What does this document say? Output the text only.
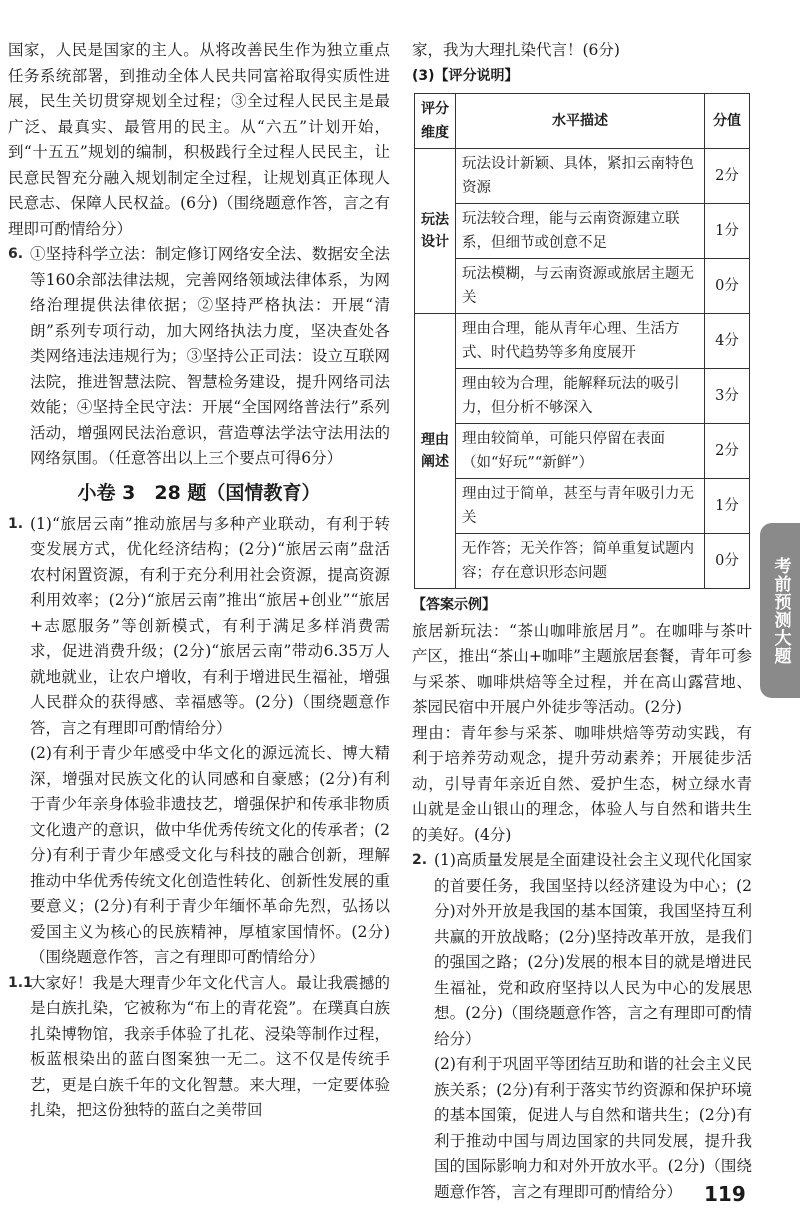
国家，人民是国家的主人。从将改善民生作为独立重点任务系统部署，到推动全体人民共同富裕取得实质性进展，民生关切贯穿规划全过程；③全过程人民民主是最广泛、最真实、最管用的民主。从“六五”计划开始，到“十五五”规划的编制，积极践行全过程人民民主，让民意民智充分融入规划制定全过程，让规划真正体现人民意志、保障人民权益。(6分)（围绕题意作答，言之有理即可酌情给分）

6. ①坚持科学立法：制定修订网络安全法、数据安全法等160余部法律法规，完善网络领域法律体系，为网络治理提供法律依据；②坚持严格执法：开展“清朗”系列专项行动，加大网络执法力度，坚决查处各类网络违法违规行为；③坚持公正司法：设立互联网法院，推进智慧法院、智慧检务建设，提升网络司法效能；④坚持全民守法：开展“全国网络普法行”系列活动，增强网民法治意识，营造尊法学法守法用法的网络氛围。（任意答出以上三个要点可得6分）

小卷 3　28 题（国情教育）
1. (1)“旅居云南”推动旅居与多种产业联动，有利于转变发展方式，优化经济结构；(2分)“旅居云南”盘活农村闲置资源，有利于充分利用社会资源，提高资源利用效率；(2分)“旅居云南”推出“旅居+创业”“旅居+志愿服务”等创新模式，有利于满足多样消费需求，促进消费升级；(2分)“旅居云南”带动6.35万人就地就业，让农户增收，有利于增进民生福祉，增强人民群众的获得感、幸福感等。(2分)（围绕题意作答，言之有理即可酌情给分）

(2)有利于青少年感受中华文化的源远流长、博大精深，增强对民族文化的认同感和自豪感；(2分)有利于青少年亲身体验非遗技艺，增强保护和传承非物质文化遗产的意识，做中华优秀传统文化的传承者；(2分)有利于青少年感受文化与科技的融合创新，理解推动中华优秀传统文化创造性转化、创新性发展的重要意义；(2分)有利于青少年缅怀革命先烈，弘扬以爱国主义为核心的民族精神，厚植家国情怀。(2分)（围绕题意作答，言之有理即可酌情给分）

1.1

大家好！我是大理青少年文化代言人。最让我震撼的是白族扎染，它被称为“布上的青花瓷”。在璞真白族扎染博物馆，我亲手体验了扎花、浸染等制作过程，板蓝根染出的蓝白图案独一无二。这不仅是传统手艺，更是白族千年的文化智慧。来大理，一定要体验扎染，把这份独特的蓝白之美带回

家，我为大理扎染代言！(6分)

(3)【评分说明】

评分维度	水平描述	分值
玩法设计	玩法设计新颖、具体，紧扣云南特色资源	2分
	玩法较合理，能与云南资源建立联系，但细节或创意不足	1分
	玩法模糊，与云南资源或旅居主题无关	0分
理由阐述	理由合理，能从青年心理、生活方式、时代趋势等多角度展开	4分
	理由较为合理，能解释玩法的吸引力，但分析不够深入	3分
	理由较简单，可能只停留在表面（如“好玩”“新鲜”）	2分
	理由过于简单，甚至与青年吸引力无关	1分
	无作答；无关作答；简单重复试题内容；存在意识形态问题	0分

【答案示例】

旅居新玩法：“茶山咖啡旅居月”。在咖啡与茶叶产区，推出“茶山+咖啡”主题旅居套餐，青年可参与采茶、咖啡烘焙等全过程，并在高山露营地、茶园民宿中开展户外徒步等活动。(2分)

理由：青年参与采茶、咖啡烘焙等劳动实践，有利于培养劳动观念，提升劳动素养；开展徒步活动，引导青年亲近自然、爱护生态，树立绿水青山就是金山银山的理念，体验人与自然和谐共生的美好。(4分)

2. (1)高质量发展是全面建设社会主义现代化国家的首要任务，我国坚持以经济建设为中心；(2分)对外开放是我国的基本国策，我国坚持互利共赢的开放战略；(2分)坚持改革开放，是我们的强国之路；(2分)发展的根本目的就是增进民生福祉，党和政府坚持以人民为中心的发展思想。(2分)（围绕题意作答，言之有理即可酌情给分）

(2)有利于巩固平等团结互助和谐的社会主义民族关系；(2分)有利于落实节约资源和保护环境的基本国策，促进人与自然和谐共生；(2分)有利于推动中国与周边国家的共同发展，提升我国的国际影响力和对外开放水平。(2分)（围绕题意作答，言之有理即可酌情给分）

考前预测大题
119
